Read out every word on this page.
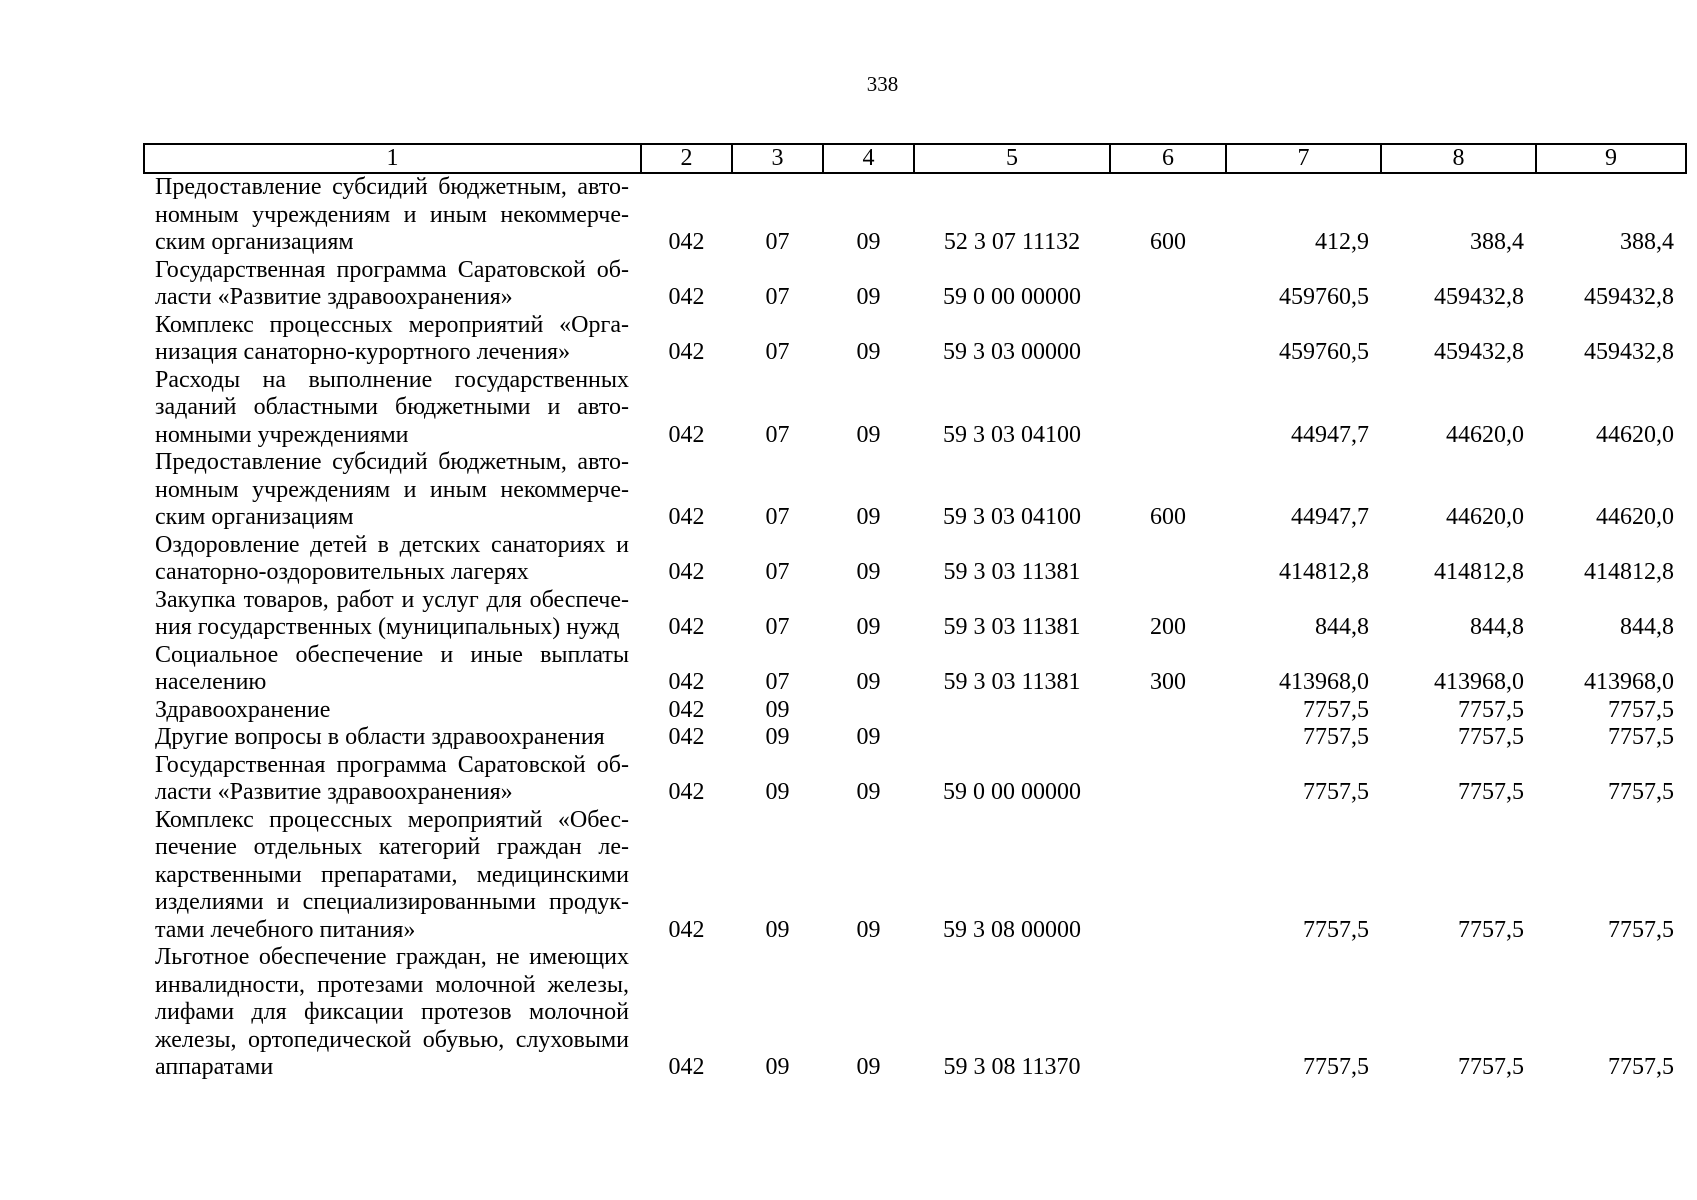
338
1	2	3	4	5	6	7	8	9
Предоставление субсидий бюджетным, автономным учреждениям и иным некоммерческим организациям	042	07	09	52 3 07 11132	600	412,9	388,4	388,4
Государственная программа Саратовской области «Развитие здравоохранения»	042	07	09	59 0 00 00000		459760,5	459432,8	459432,8
Комплекс процессных мероприятий «Организация санаторно-курортного лечения»	042	07	09	59 3 03 00000		459760,5	459432,8	459432,8
Расходы на выполнение государственных заданий областными бюджетными и автономными учреждениями	042	07	09	59 3 03 04100		44947,7	44620,0	44620,0
Предоставление субсидий бюджетным, автономным учреждениям и иным некоммерческим организациям	042	07	09	59 3 03 04100	600	44947,7	44620,0	44620,0
Оздоровление детей в детских санаториях и санаторно-оздоровительных лагерях	042	07	09	59 3 03 11381		414812,8	414812,8	414812,8
Закупка товаров, работ и услуг для обеспечения государственных (муниципальных) нужд	042	07	09	59 3 03 11381	200	844,8	844,8	844,8
Социальное обеспечение и иные выплаты населению	042	07	09	59 3 03 11381	300	413968,0	413968,0	413968,0
Здравоохранение	042	09				7757,5	7757,5	7757,5
Другие вопросы в области здравоохранения	042	09	09			7757,5	7757,5	7757,5
Государственная программа Саратовской области «Развитие здравоохранения»	042	09	09	59 0 00 00000		7757,5	7757,5	7757,5
Комплекс процессных мероприятий «Обеспечение отдельных категорий граждан лекарственными препаратами, медицинскими изделиями и специализированными продуктами лечебного питания»	042	09	09	59 3 08 00000		7757,5	7757,5	7757,5
Льготное обеспечение граждан, не имеющих инвалидности, протезами молочной железы, лифами для фиксации протезов молочной железы, ортопедической обувью, слуховыми аппаратами	042	09	09	59 3 08 11370		7757,5	7757,5	7757,5
